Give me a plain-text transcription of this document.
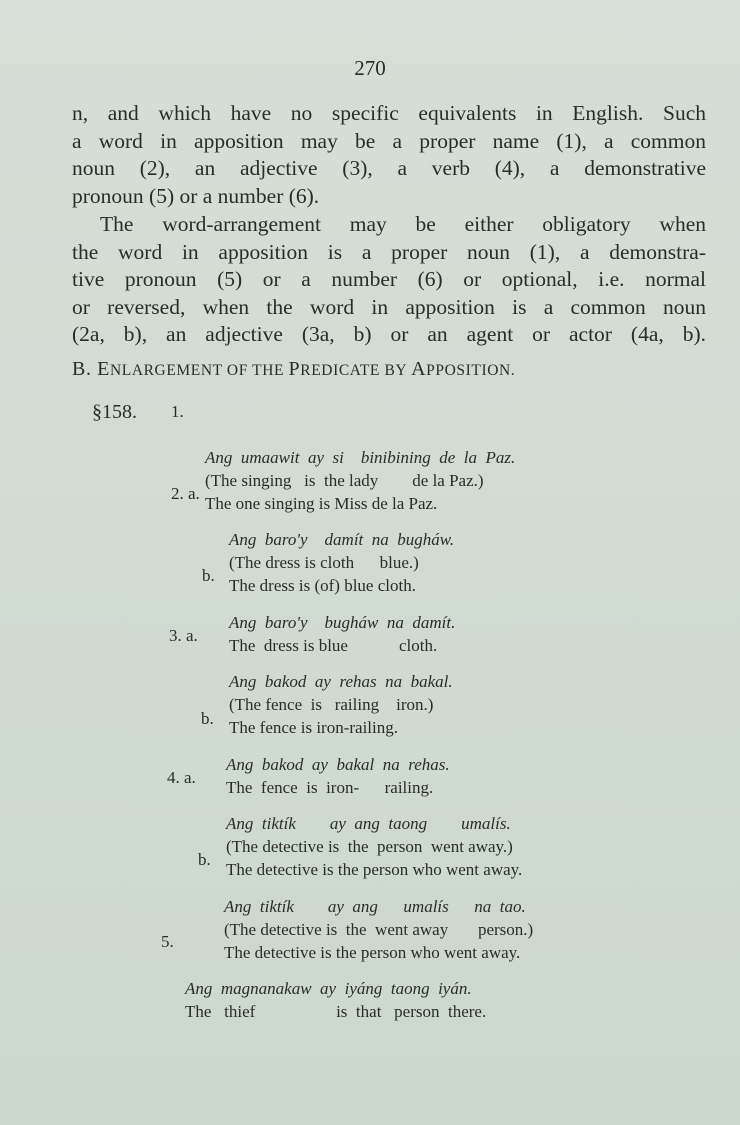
270

n, and which have no specific equivalents in English. Such

a word in apposition may be a proper name (1), a common

noun (2), an adjective (3), a verb (4), a demonstrative

pronoun (5) or a number (6).

The word-arrangement may be either obligatory when

the word in apposition is a proper noun (1), a demonstra-

tive pronoun (5) or a number (6) or optional, i.e. normal

or reversed, when the word in apposition is a common noun

(2a, b), an adjective (3a, b) or an agent or actor (4a, b).

B. ENLARGEMENT OF THE PREDICATE BY APPOSITION.
§158. 1.

Ang  umaawit  ay  si    binibining  de  la  Paz.
(The singing   is  the lady        de la Paz.)
The one singing is Miss de la Paz.

2. a.

Ang  baro'y    damít  na  bugháw.
(The dress is cloth      blue.)
The dress is (of) blue cloth.

b.

Ang  baro'y    bugháw  na  damít.
The  dress is blue            cloth.

3. a.

Ang  bakod  ay  rehas  na  bakal.
(The fence  is   railing    iron.)
The fence is iron-railing.

b.

Ang  bakod  ay  bakal  na  rehas.
The  fence  is  iron-      railing.

4. a.

Ang  tiktík        ay  ang  taong        umalís.
(The detective is  the  person  went away.)
The detective is the person who went away.

b.

Ang  tiktík        ay  ang      umalís      na  tao.
(The detective is  the  went away       person.)
The detective is the person who went away.

5.

Ang  magnanakaw  ay  iyáng  taong  iyán.
The   thief                   is  that   person  there.
